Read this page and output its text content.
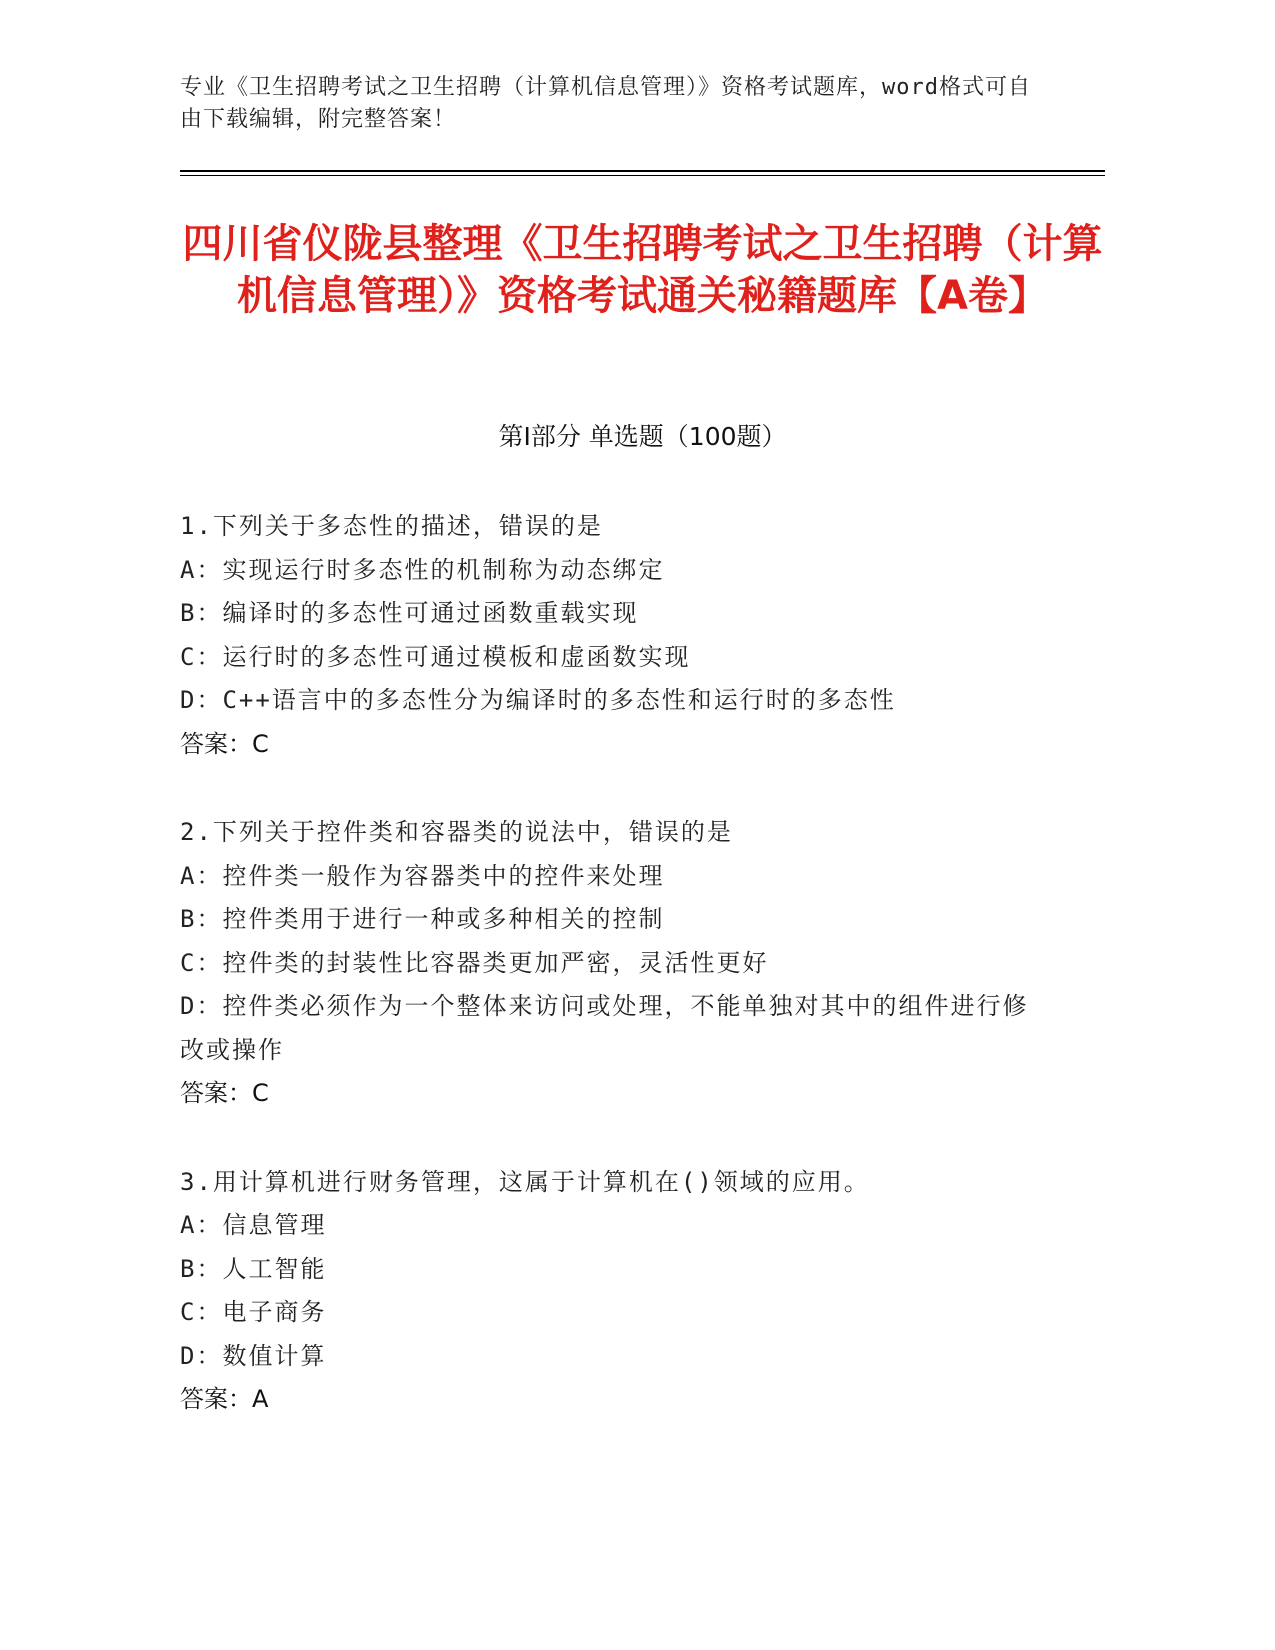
专业《卫生招聘考试之卫生招聘（计算机信息管理）》资格考试题库，word格式可自由下载编辑，附完整答案！
四川省仪陇县整理《卫生招聘考试之卫生招聘（计算机信息管理）》资格考试通关秘籍题库【A卷】
第Ⅰ部分 单选题（100题）
1.下列关于多态性的描述，错误的是
A：实现运行时多态性的机制称为动态绑定
B：编译时的多态性可通过函数重载实现
C：运行时的多态性可通过模板和虚函数实现
D：C++语言中的多态性分为编译时的多态性和运行时的多态性
答案：C
2.下列关于控件类和容器类的说法中，错误的是
A：控件类一般作为容器类中的控件来处理
B：控件类用于进行一种或多种相关的控制
C：控件类的封装性比容器类更加严密，灵活性更好
D：控件类必须作为一个整体来访问或处理，不能单独对其中的组件进行修改或操作
答案：C
3.用计算机进行财务管理，这属于计算机在()领域的应用。
A：信息管理
B：人工智能
C：电子商务
D：数值计算
答案：A
